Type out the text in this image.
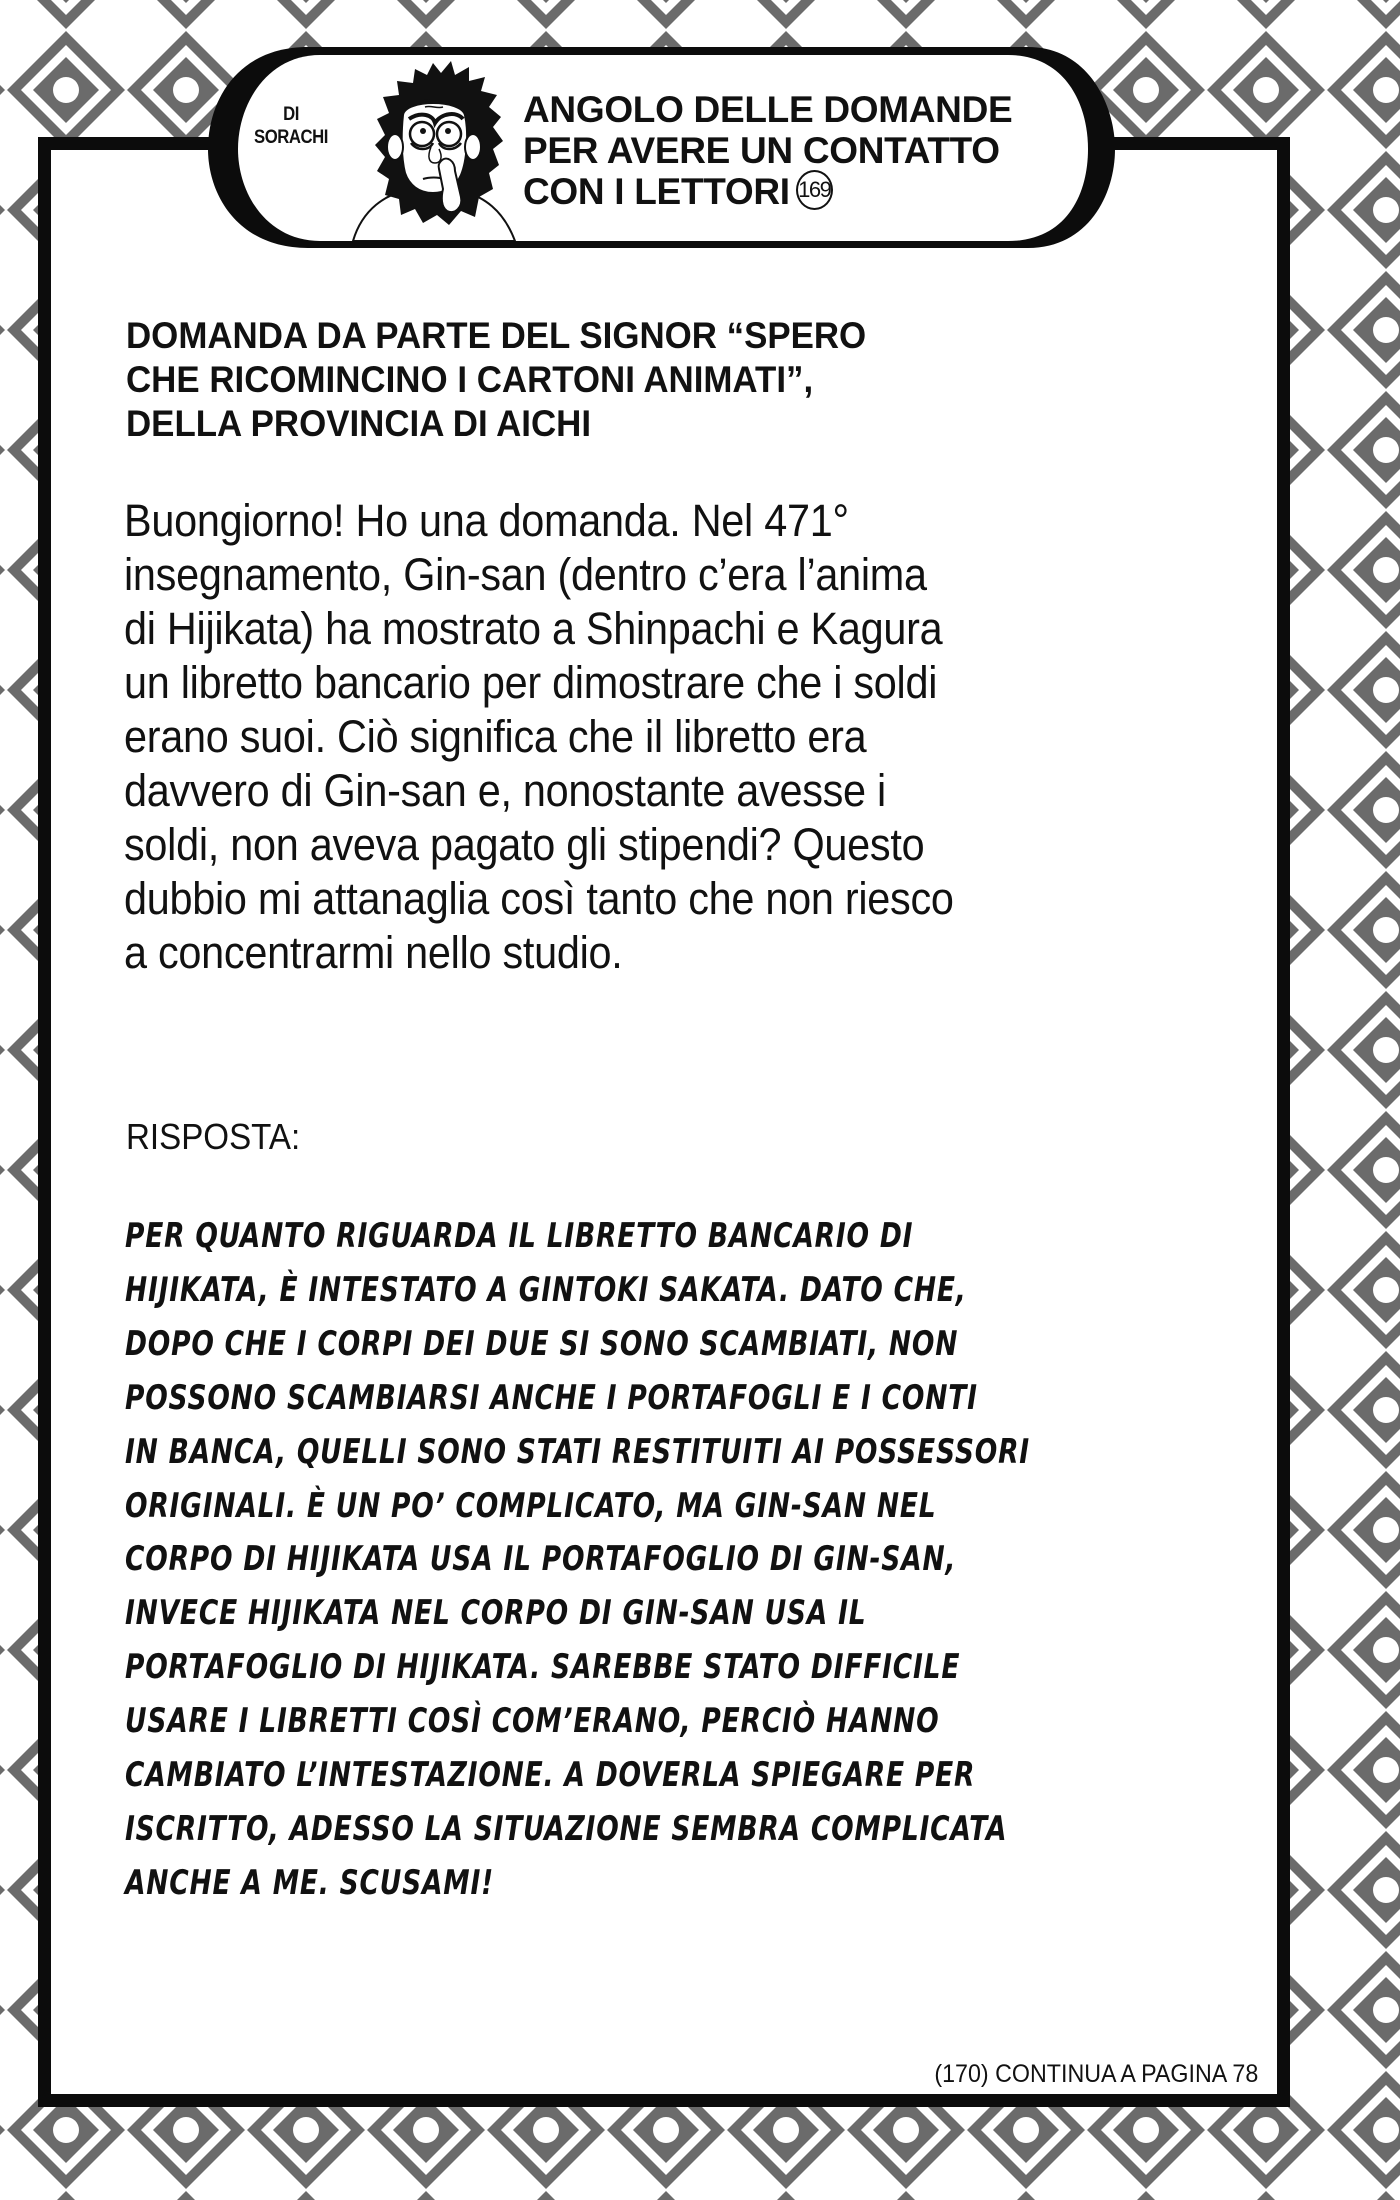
DI
SORACHI
ANGOLO DELLE DOMANDE
PER AVERE UN CONTATTO
CON I LETTORI 169
DOMANDA DA PARTE DEL SIGNOR “SPERO
CHE RICOMINCINO I CARTONI ANIMATI”,
DELLA PROVINCIA DI AICHI
Buongiorno! Ho una domanda. Nel 471°
insegnamento, Gin-san (dentro c’era l’anima
di Hijikata) ha mostrato a Shinpachi e Kagura
un libretto bancario per dimostrare che i soldi
erano suoi. Ciò significa che il libretto era
davvero di Gin-san e, nonostante avesse i
soldi, non aveva pagato gli stipendi? Questo
dubbio mi attanaglia così tanto che non riesco
a concentrarmi nello studio.
RISPOSTA:
PER QUANTO RIGUARDA IL LIBRETTO BANCARIO DI
HIJIKATA, È INTESTATO A GINTOKI SAKATA. DATO CHE,
DOPO CHE I CORPI DEI DUE SI SONO SCAMBIATI, NON
POSSONO SCAMBIARSI ANCHE I PORTAFOGLI E I CONTI
IN BANCA, QUELLI SONO STATI RESTITUITI AI POSSESSORI
ORIGINALI. È UN PO’ COMPLICATO, MA GIN-SAN NEL
CORPO DI HIJIKATA USA IL PORTAFOGLIO DI GIN-SAN,
INVECE HIJIKATA NEL CORPO DI GIN-SAN USA IL
PORTAFOGLIO DI HIJIKATA. SAREBBE STATO DIFFICILE
USARE I LIBRETTI COSÌ COM’ERANO, PERCIÒ HANNO
CAMBIATO L’INTESTAZIONE. A DOVERLA SPIEGARE PER
ISCRITTO, ADESSO LA SITUAZIONE SEMBRA COMPLICATA
ANCHE A ME. SCUSAMI!
(170) CONTINUA A PAGINA 78
